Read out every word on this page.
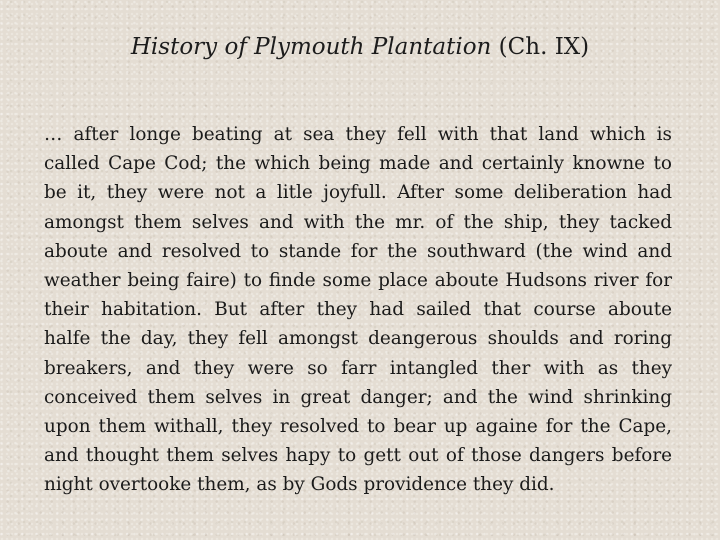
History of Plymouth Plantation (Ch. IX)
… after longe beating at sea they fell with that land which is
called Cape Cod; the which being made and certainly knowne to
be it, they were not a litle joyfull. After some deliberation had
amongst them selves and with the mr. of the ship, they tacked
aboute and resolved to stande for the southward (the wind and
weather being faire) to finde some place aboute Hudsons river for
their habitation. But after they had sailed that course aboute
halfe the day, they fell amongst deangerous shoulds and roring
breakers, and they were so farr intangled ther with as they
conceived them selves in great danger; and the wind shrinking
upon them withall, they resolved to bear up againe for the Cape,
and thought them selves hapy to gett out of those dangers before
night overtooke them, as by Gods providence they did.
